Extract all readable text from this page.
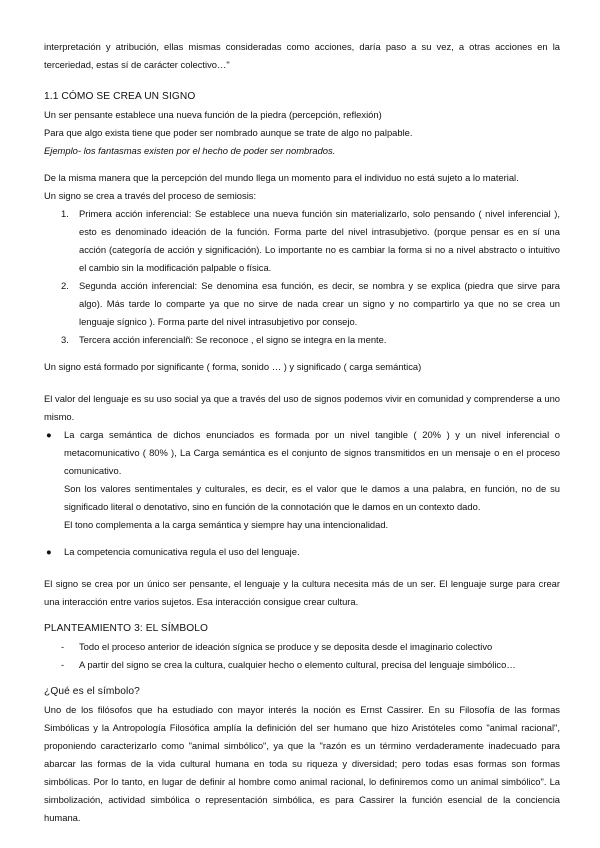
interpretación y atribución, ellas mismas consideradas como acciones, daría paso a su vez, a otras acciones en la terceriedad, estas sí de carácter colectivo…"

1.1 CÓMO SE CREA UN SIGNO

Un ser pensante establece una nueva función de la piedra (percepción, reflexión)

Para que algo exista tiene que poder ser nombrado aunque se trate de algo no palpable.

Ejemplo- los fantasmas existen por el hecho de poder ser nombrados.

De la misma manera que la percepción del mundo llega un momento para el individuo no está sujeto a lo material.

Un signo se crea a través del proceso de semiosis:

1. Primera acción inferencial: Se establece una nueva función sin materializarlo, solo pensando ( nivel inferencial ), esto es denominado ideación de la función. Forma parte del nivel intrasubjetivo. (porque pensar es en sí una acción (categoría de acción y significación). Lo importante no es cambiar la forma si no a nivel abstracto o intuitivo el cambio sin la modificación palpable o física.
2. Segunda acción inferencial: Se denomina esa función, es decir, se nombra y se explica (piedra que sirve para algo). Más tarde lo comparte ya que no sirve de nada crear un signo y no compartirlo ya que no se crea un lenguaje sígnico ). Forma parte del nivel intrasubjetivo por consejo.
3. Tercera acción inferencialñ: Se reconoce , el signo se integra en la mente.

Un signo está formado por significante ( forma, sonido … ) y significado ( carga semántica)

El valor del lenguaje es su uso social ya que a través del uso de signos podemos vivir en comunidad y comprenderse a uno mismo.

● La carga semántica de dichos enunciados es formada por un nivel tangible ( 20% ) y un nivel inferencial o metacomunicativo ( 80% ), La Carga semántica es el conjunto de signos transmitidos en un mensaje o en el proceso comunicativo.
Son los valores sentimentales y culturales, es decir, es el valor que le damos a una palabra, en función, no de su significado literal o denotativo, sino en función de la connotación que le damos en un contexto dado.
El tono complementa a la carga semántica y siempre hay una intencionalidad.
● La competencia comunicativa regula el uso del lenguaje.

El signo se crea por un único ser pensante, el lenguaje y la cultura necesita más de un ser. El lenguaje surge para crear una interacción entre varios sujetos. Esa interacción consigue crear cultura.

PLANTEAMIENTO 3: EL SÍMBOLO

- Todo el proceso anterior de ideación sígnica se produce y se deposita desde el imaginario colectivo
- A partir del signo se crea la cultura, cualquier hecho o elemento cultural, precisa del lenguaje simbólico…

¿Qué es el símbolo?

Uno de los filósofos que ha estudiado con mayor interés la noción es Ernst Cassirer. En su Filosofía de las formas Simbólicas y la Antropología Filosófica amplía la definición del ser humano que hizo Aristóteles como "animal racional", proponiendo caracterizarlo como "animal simbólico", ya que la "razón es un término verdaderamente inadecuado para abarcar las formas de la vida cultural humana en toda su riqueza y diversidad; pero todas esas formas son formas simbólicas. Por lo tanto, en lugar de definir al hombre como animal racional, lo definiremos como un animal simbólico". La simbolización, actividad simbólica o representación simbólica, es para Cassirer la función esencial de la conciencia humana.
